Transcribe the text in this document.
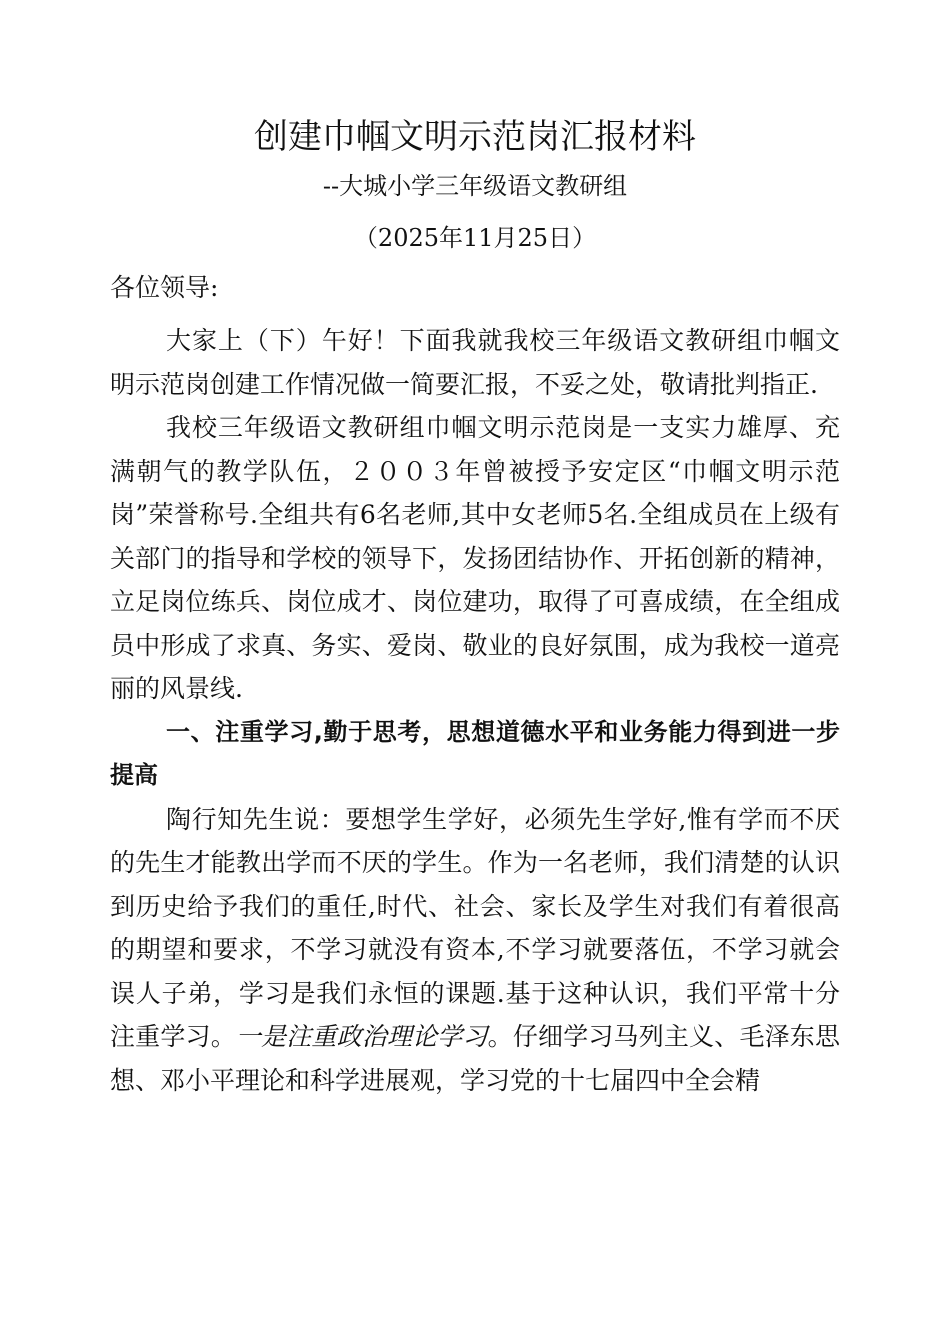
创建巾帼文明示范岗汇报材料
--大城小学三年级语文教研组
（2025年11月25日）
各位领导:

大家上（下）午好！下面我就我校三年级语文教研组巾帼文明示范岗创建工作情况做一简要汇报，不妥之处，敬请批判指正.

我校三年级语文教研组巾帼文明示范岗是一支实力雄厚、充满朝气的教学队伍，２００３年曾被授予安定区“巾帼文明示范岗”荣誉称号.全组共有6名老师,其中女老师5名.全组成员在上级有关部门的指导和学校的领导下，发扬团结协作、开拓创新的精神，立足岗位练兵、岗位成才、岗位建功，取得了可喜成绩，在全组成员中形成了求真、务实、爱岗、敬业的良好氛围，成为我校一道亮丽的风景线.

一、注重学习,勤于思考，思想道德水平和业务能力得到进一步提高

陶行知先生说：要想学生学好，必须先生学好,惟有学而不厌的先生才能教出学而不厌的学生。作为一名老师，我们清楚的认识到历史给予我们的重任,时代、社会、家长及学生对我们有着很高的期望和要求，不学习就没有资本,不学习就要落伍，不学习就会误人子弟，学习是我们永恒的课题.基于这种认识，我们平常十分注重学习。一是注重政治理论学习。仔细学习马列主义、毛泽东思想、邓小平理论和科学进展观，学习党的十七届四中全会精
